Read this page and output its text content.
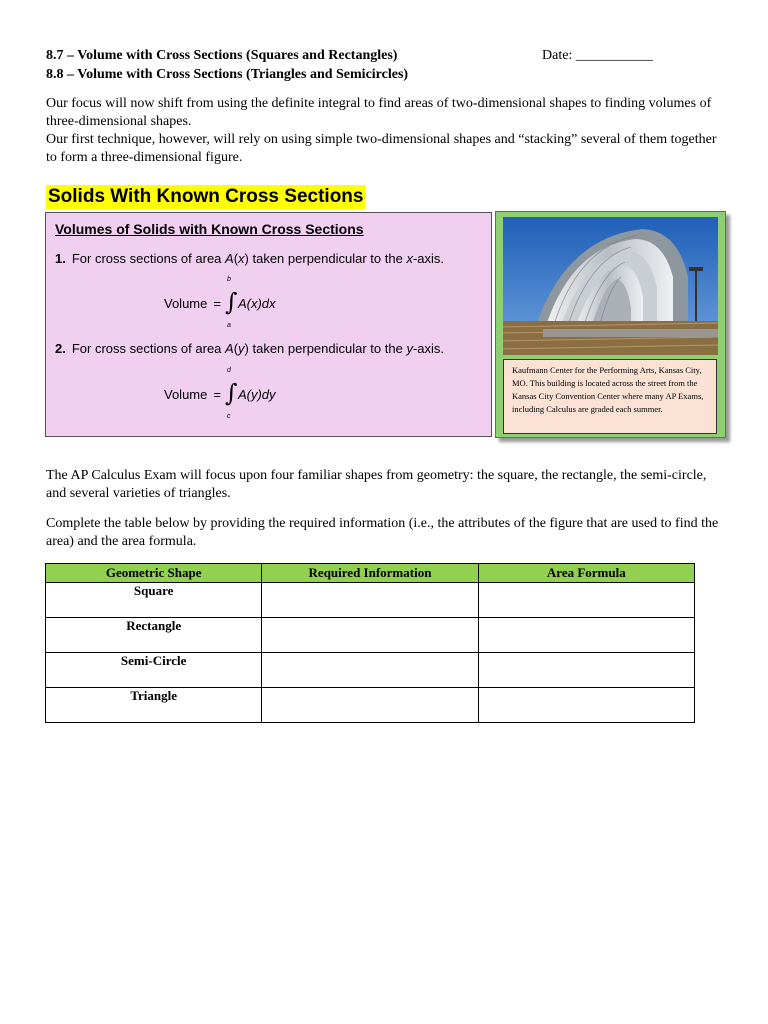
8.7 – Volume with Cross Sections (Squares and Rectangles)
8.8 – Volume with Cross Sections (Triangles and Semicircles)
Date: ___________
Our focus will now shift from using the definite integral to find areas of two-dimensional shapes to finding volumes of three-dimensional shapes.
Our first technique, however, will rely on using simple two-dimensional shapes and “stacking” several of them together to form a three-dimensional figure.
Solids With Known Cross Sections
Volumes of Solids with Known Cross Sections
1. For cross sections of area A(x) taken perpendicular to the x-axis.
Volume =
b
∫
a
A(x)dx
2. For cross sections of area A(y) taken perpendicular to the y-axis.
Volume =
d
∫
c
A(y)dy
Kaufmann Center for the Performing Arts, Kansas City, MO. This building is located across the street from the Kansas City Convention Center where many AP Exams, including Calculus are graded each summer.
The AP Calculus Exam will focus upon four familiar shapes from geometry: the square, the rectangle, the semi-circle, and several varieties of triangles.
Complete the table below by providing the required information (i.e., the attributes of the figure that are used to find the area) and the area formula.
Geometric Shape	Required Information	Area Formula
Square		
Rectangle		
Semi-Circle		
Triangle		
